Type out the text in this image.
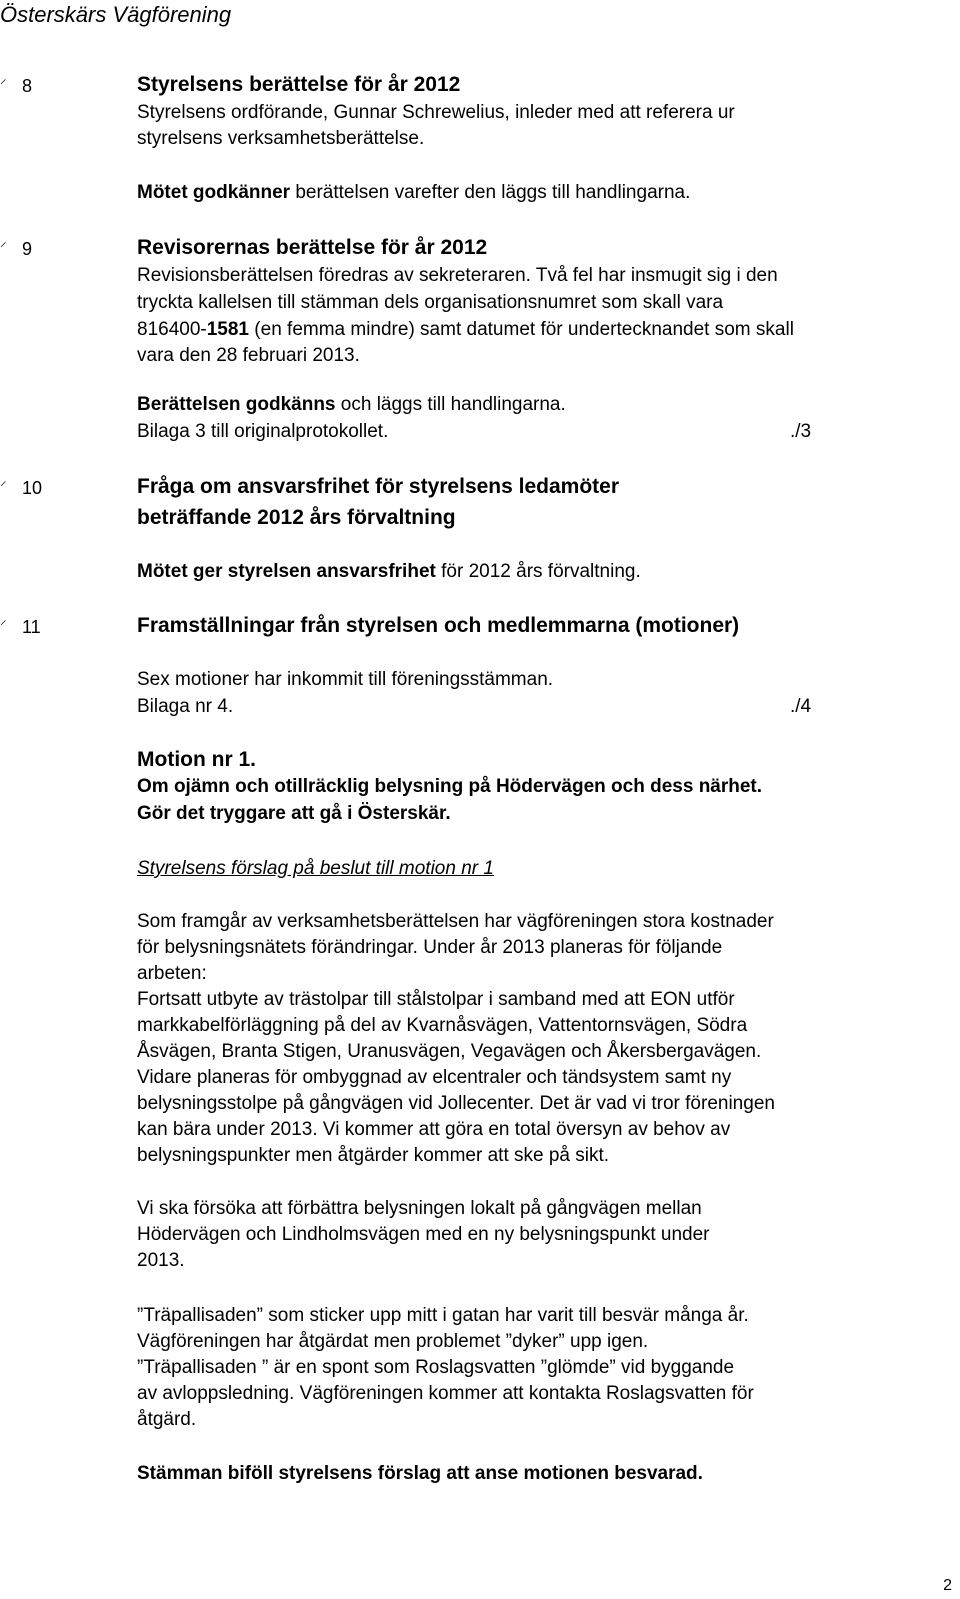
Österskärs Vägförening
⸝ 8	Styrelsens berättelse för år 2012
Styrelsens ordförande, Gunnar Schrewelius, inleder med att referera ur
styrelsens verksamhetsberättelse.
Mötet godkänner berättelsen varefter den läggs till handlingarna.
⸝ 9	Revisorernas berättelse för år 2012
Revisionsberättelsen föredras av sekreteraren. Två fel har insmugit sig i den
tryckta kallelsen till stämman dels organisationsnumret som skall vara
816400-1581 (en femma mindre) samt datumet för undertecknandet som skall
vara den 28 februari 2013.
Berättelsen godkänns och läggs till handlingarna.
Bilaga 3 till originalprotokollet.	./3
⸝ 10	Fråga om ansvarsfrihet för styrelsens ledamöter
beträffande 2012 års förvaltning
Mötet ger styrelsen ansvarsfrihet för 2012 års förvaltning.
⸝ 11	Framställningar från styrelsen och medlemmarna (motioner)
Sex motioner har inkommit till föreningsstämman.
Bilaga nr 4.	./4
Motion nr 1.
Om ojämn och otillräcklig belysning på Hödervägen och dess närhet.
Gör det tryggare att gå i Österskär.
Styrelsens förslag på beslut till motion nr 1
Som framgår av verksamhetsberättelsen har vägföreningen stora kostnader
för belysningsnätets förändringar. Under år 2013 planeras för följande
arbeten:
Fortsatt utbyte av trästolpar till stålstolpar i samband med att EON utför
markkabelförläggning på del av Kvarnåsvägen, Vattentornsvägen, Södra
Åsvägen, Branta Stigen, Uranusvägen, Vegavägen och Åkersbergavägen.
Vidare planeras för ombyggnad av elcentraler och tändsystem samt ny
belysningsstolpe på gångvägen vid Jollecenter. Det är vad vi tror föreningen
kan bära under 2013. Vi kommer att göra en total översyn av behov av
belysningspunkter men åtgärder kommer att ske på sikt.
Vi ska försöka att förbättra belysningen lokalt på gångvägen mellan
Hödervägen och Lindholmsvägen med en ny belysningspunkt under
2013.
”Träpallisaden” som sticker upp mitt i gatan har varit till besvär många år.
Vägföreningen har åtgärdat men problemet ”dyker” upp igen.
”Träpallisaden ” är en spont som Roslagsvatten ”glömde” vid byggande
av avloppsledning. Vägföreningen kommer att kontakta Roslagsvatten för
åtgärd.
Stämman biföll styrelsens förslag att anse motionen besvarad.
2
